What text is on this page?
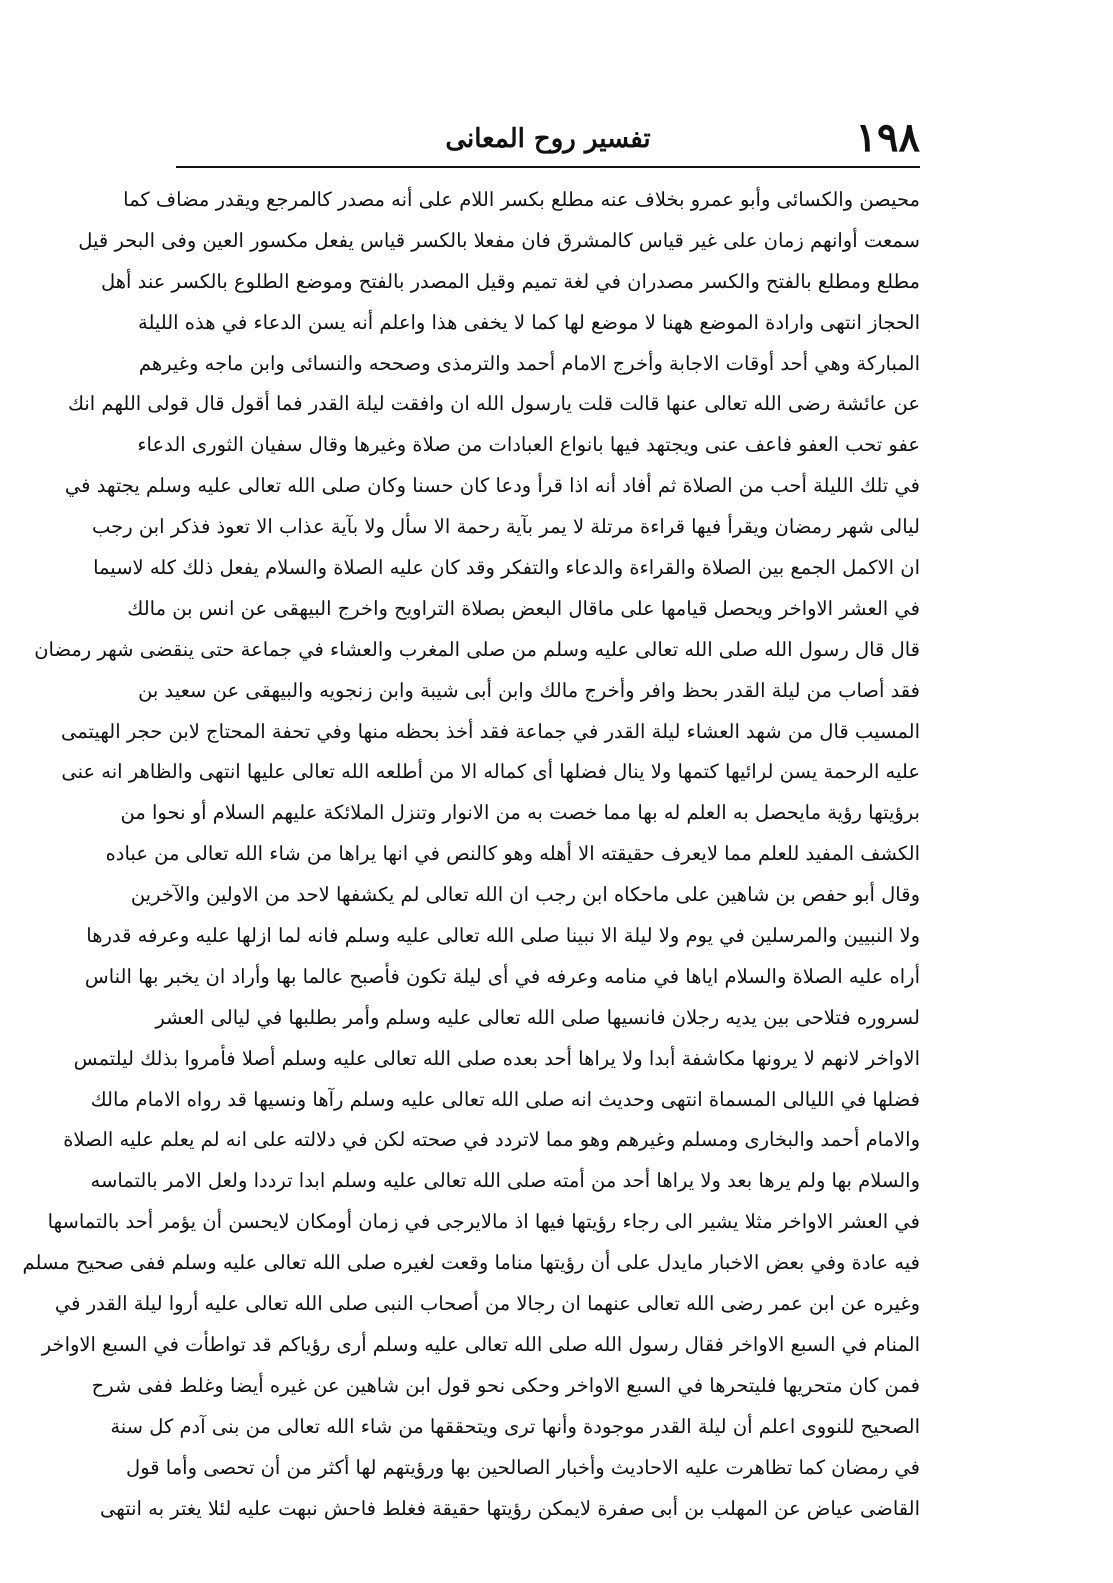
١٩٨
تفسير روح المعانى
محيصن والكسائى وأبو عمرو بخلاف عنه مطلع بكسر اللام على أنه مصدر كالمرجع ويقدر مضاف كما
سمعت أوانهم زمان على غير قياس كالمشرق فان مفعلا بالكسر قياس يفعل مكسور العين وفى البحر قيل
مطلع ومطلع بالفتح والكسر مصدران في لغة تميم وقيل المصدر بالفتح وموضع الطلوع بالكسر عند أهل
الحجاز انتهى وارادة الموضع ههنا لا موضع لها كما لا يخفى هذا واعلم أنه يسن الدعاء في هذه الليلة
المباركة وهي أحد أوقات الاجابة وأخرج الامام أحمد والترمذى وصححه والنسائى وابن ماجه وغيرهم
عن عائشة رضى الله تعالى عنها قالت قلت يارسول الله ان وافقت ليلة القدر فما أقول قال قولى اللهم انك
عفو تحب العفو فاعف عنى ويجتهد فيها بانواع العبادات من صلاة وغيرها وقال سفيان الثورى الدعاء
في تلك الليلة أحب من الصلاة ثم أفاد أنه اذا قرأ ودعا كان حسنا وكان صلى الله تعالى عليه وسلم يجتهد في
ليالى شهر رمضان ويقرأ فيها قراءة مرتلة لا يمر بآية رحمة الا سأل ولا بآية عذاب الا تعوذ فذكر ابن رجب
ان الاكمل الجمع بين الصلاة والقراءة والدعاء والتفكر وقد كان عليه الصلاة والسلام يفعل ذلك كله لاسيما
في العشر الاواخر ويحصل قيامها على ماقال البعض بصلاة التراويح واخرج البيهقى عن انس بن مالك
قال قال رسول الله صلى الله تعالى عليه وسلم من صلى المغرب والعشاء في جماعة حتى ينقضى شهر رمضان
فقد أصاب من ليلة القدر بحظ وافر وأخرج مالك وابن أبى شيبة وابن زنجويه والبيهقى عن سعيد بن
المسيب قال من شهد العشاء ليلة القدر في جماعة فقد أخذ بحظه منها وفي تحفة المحتاج لابن حجر الهيتمى
عليه الرحمة يسن لرائيها كتمها ولا ينال فضلها أى كماله الا من أطلعه الله تعالى عليها انتهى والظاهر انه عنى
برؤيتها رؤية مايحصل به العلم له بها مما خصت به من الانوار وتنزل الملائكة عليهم السلام أو نحوا من
الكشف المفيد للعلم مما لايعرف حقيقته الا أهله وهو كالنص في انها يراها من شاء الله تعالى من عباده
وقال أبو حفص بن شاهين على ماحكاه ابن رجب ان الله تعالى لم يكشفها لاحد من الاولين والآخرين
ولا النبيين والمرسلين في يوم ولا ليلة الا نبينا صلى الله تعالى عليه وسلم فانه لما ازلها عليه وعرفه قدرها
أراه عليه الصلاة والسلام اياها في منامه وعرفه في أى ليلة تكون فأصبح عالما بها وأراد ان يخبر بها الناس
لسروره فتلاحى بين يديه رجلان فانسيها صلى الله تعالى عليه وسلم وأمر بطلبها في ليالى العشر
الاواخر لانهم لا يرونها مكاشفة أبدا ولا يراها أحد بعده صلى الله تعالى عليه وسلم أصلا فأمروا بذلك ليلتمس
فضلها في الليالى المسماة انتهى وحديث انه صلى الله تعالى عليه وسلم رآها ونسيها قد رواه الامام مالك
والامام أحمد والبخارى ومسلم وغيرهم وهو مما لاتردد في صحته لكن في دلالته على انه لم يعلم عليه الصلاة
والسلام بها ولم يرها بعد ولا يراها أحد من أمته صلى الله تعالى عليه وسلم ابدا ترددا ولعل الامر بالتماسه
في العشر الاواخر مثلا يشير الى رجاء رؤيتها فيها اذ مالايرجى في زمان أومكان لايحسن أن يؤمر أحد بالتماسها
فيه عادة وفي بعض الاخبار مايدل على أن رؤيتها مناما وقعت لغيره صلى الله تعالى عليه وسلم ففى صحيح مسلم
وغيره عن ابن عمر رضى الله تعالى عنهما ان رجالا من أصحاب النبى صلى الله تعالى عليه أروا ليلة القدر في
المنام في السبع الاواخر فقال رسول الله صلى الله تعالى عليه وسلم أرى رؤياكم قد تواطأت في السبع الاواخر
فمن كان متحريها فليتحرها في السبع الاواخر وحكى نحو قول ابن شاهين عن غيره أيضا وغلط ففى شرح
الصحيح للنووى اعلم أن ليلة القدر موجودة وأنها ترى ويتحققها من شاء الله تعالى من بنى آدم كل سنة
في رمضان كما تظاهرت عليه الاحاديث وأخبار الصالحين بها ورؤيتهم لها أكثر من أن تحصى وأما قول
القاضى عياض عن المهلب بن أبى صفرة لايمكن رؤيتها حقيقة فغلط فاحش نبهت عليه لئلا يغتر به انتهى
